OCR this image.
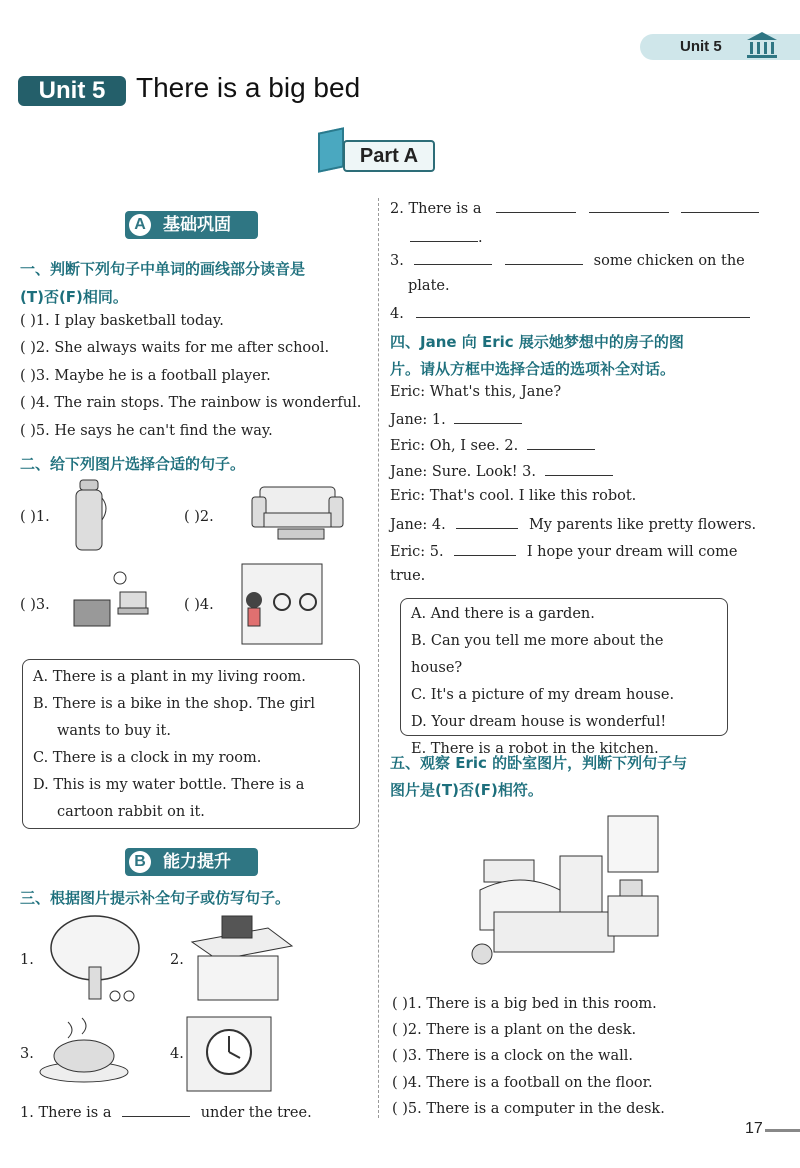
Unit 5
Unit 5	There is a big bed
Part A
A	基础巩固
一、判断下列句子中单词的画线部分读音是
(T)否(F)相同。
( )1. I play basketball today.
( )2. She always waits for me after school.
( )3. Maybe he is a football player.
( )4. The rain stops. The rainbow is wonderful.
( )5. He says he can't find the way.
二、给下列图片选择合适的句子。
( )1.	( )2.
( )3.	( )4.
A. There is a plant in my living room.
B. There is a bike in the shop. The girl
wants to buy it.
C. There is a clock in my room.
D. This is my water bottle. There is a
cartoon rabbit on it.
B	能力提升
三、根据图片提示补全句子或仿写句子。
1.	2.
3.	4.
1. There is a	under the tree.
2. There is a
.
3.	some chicken on the
plate.
4.
四、Jane 向 Eric 展示她梦想中的房子的图
片。请从方框中选择合适的选项补全对话。
Eric: What's this, Jane?
Jane: 1.
Eric: Oh, I see. 2.
Jane: Sure. Look! 3.
Eric: That's cool. I like this robot.
Jane: 4.	My parents like pretty flowers.
Eric: 5.	I hope your dream will come
true.
A. And there is a garden.
B. Can you tell me more about the house?
C. It's a picture of my dream house.
D. Your dream house is wonderful!
E. There is a robot in the kitchen.
五、观察 Eric 的卧室图片，判断下列句子与
图片是(T)否(F)相符。
( )1. There is a big bed in this room.
( )2. There is a plant on the desk.
( )3. There is a clock on the wall.
( )4. There is a football on the floor.
( )5. There is a computer in the desk.
17
